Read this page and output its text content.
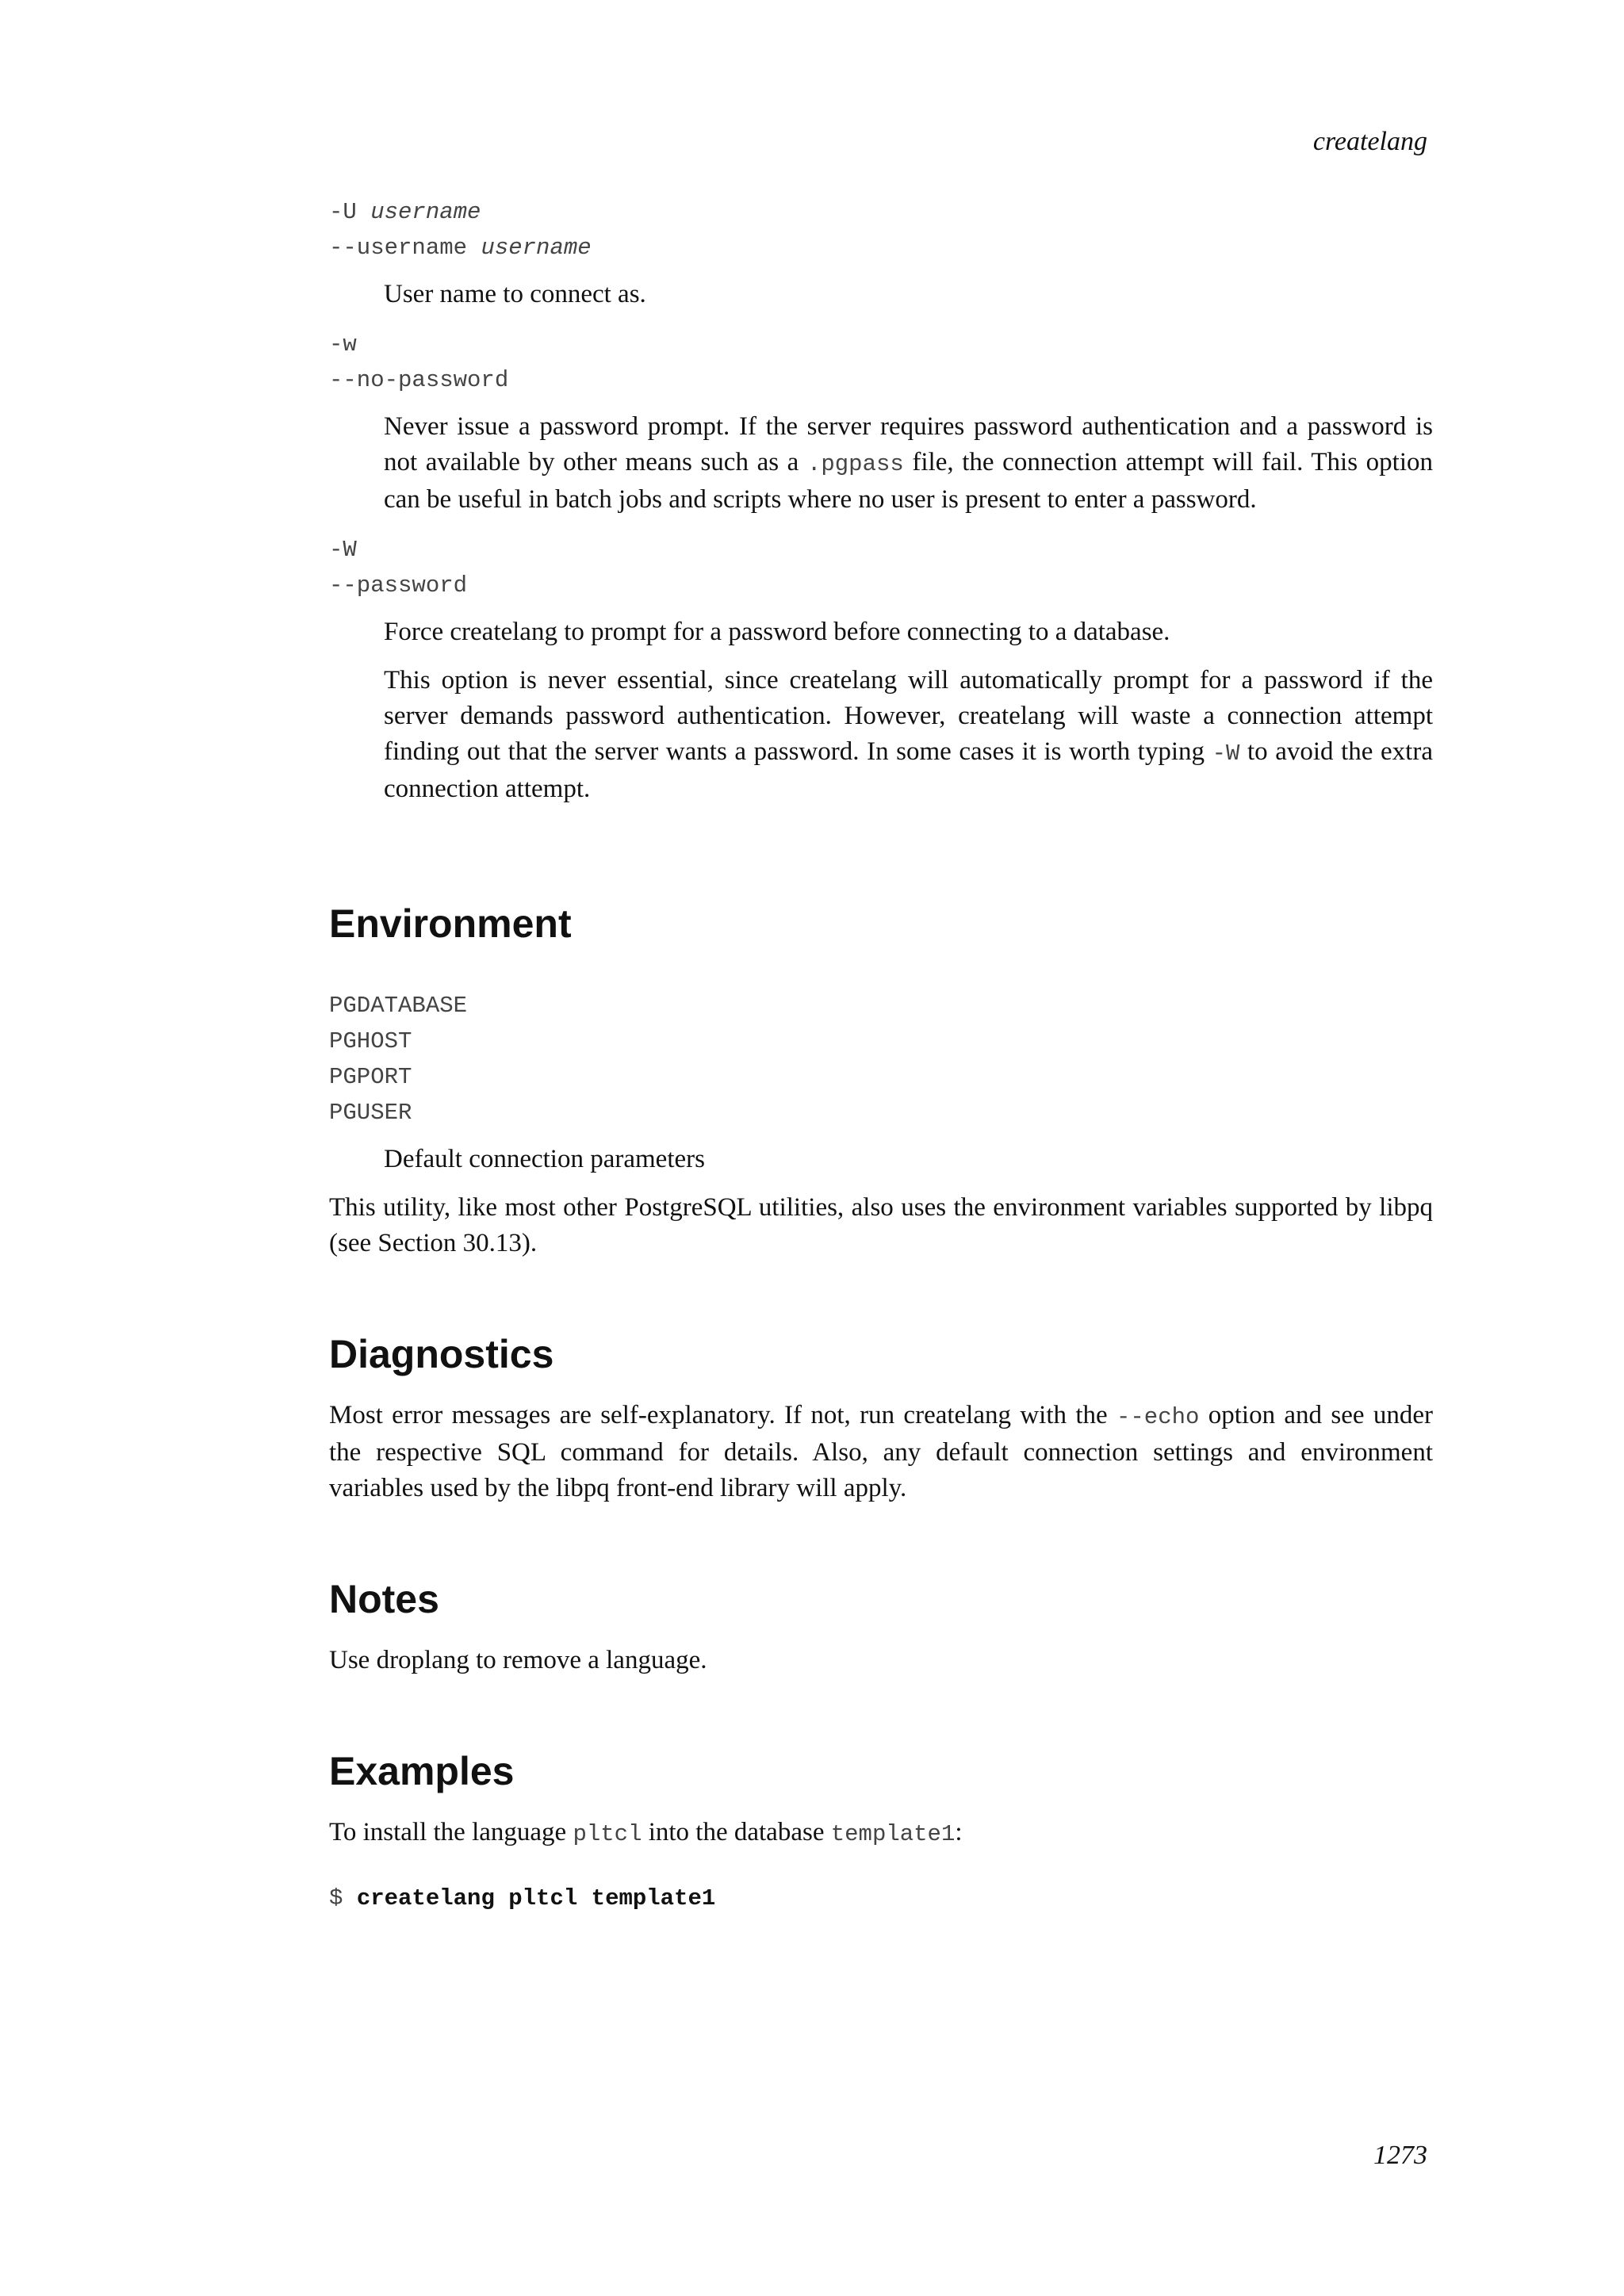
createlang
-U username
--username username

User name to connect as.

-w
--no-password

Never issue a password prompt. If the server requires password authentication and a password is not available by other means such as a .pgpass file, the connection attempt will fail. This option can be useful in batch jobs and scripts where no user is present to enter a password.

-W
--password

Force createlang to prompt for a password before connecting to a database.

This option is never essential, since createlang will automatically prompt for a password if the server demands password authentication. However, createlang will waste a connection attempt finding out that the server wants a password. In some cases it is worth typing -W to avoid the extra connection attempt.

Environment
PGDATABASE
PGHOST
PGPORT
PGUSER

Default connection parameters

This utility, like most other PostgreSQL utilities, also uses the environment variables supported by libpq (see Section 30.13).

Diagnostics

Most error messages are self-explanatory. If not, run createlang with the --echo option and see under the respective SQL command for details. Also, any default connection settings and environment variables used by the libpq front-end library will apply.

Notes

Use droplang to remove a language.

Examples

To install the language pltcl into the database template1:

$ createlang pltcl template1
1273
